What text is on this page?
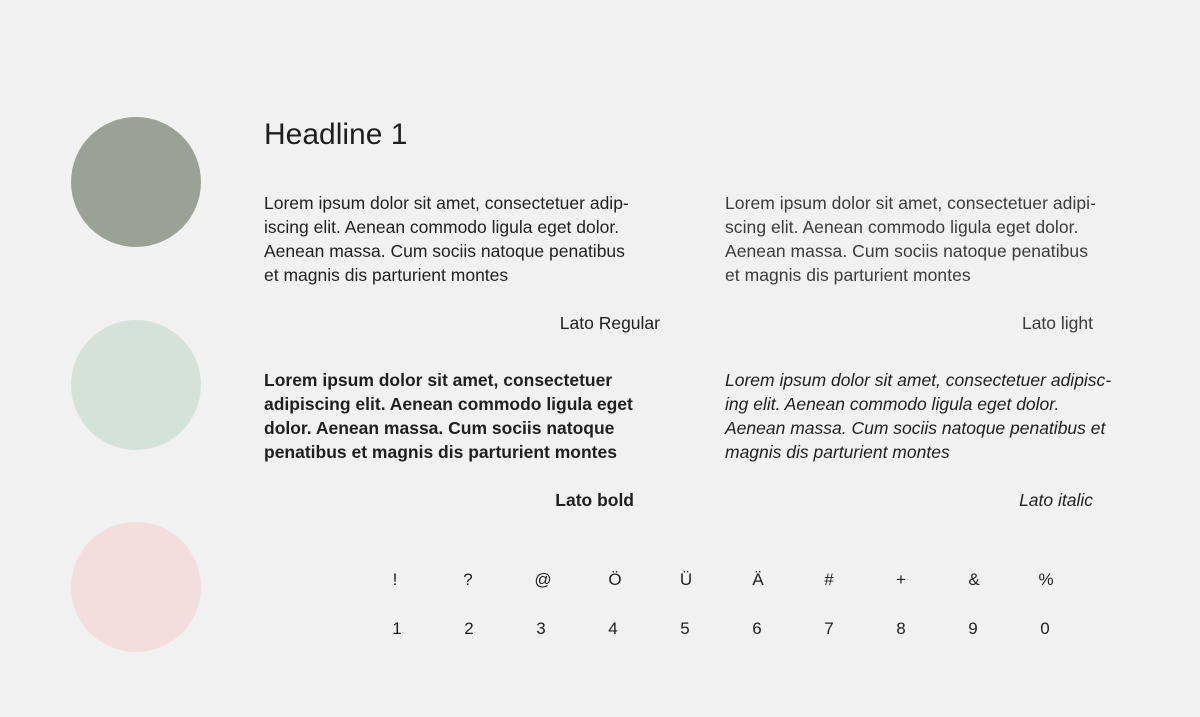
Headline 1

Lorem ipsum dolor sit amet, consectetuer adip-
iscing elit. Aenean commodo ligula eget dolor.
Aenean massa. Cum sociis natoque penatibus
et magnis dis parturient montes

Lorem ipsum dolor sit amet, consectetuer adipi-
scing elit. Aenean commodo ligula eget dolor.
Aenean massa. Cum sociis natoque penatibus
et magnis dis parturient montes

Lorem ipsum dolor sit amet, consectetuer
adipiscing elit. Aenean commodo ligula eget
dolor. Aenean massa. Cum sociis natoque
penatibus et magnis dis parturient montes

Lorem ipsum dolor sit amet, consectetuer adipisc-
ing elit. Aenean commodo ligula eget dolor.
Aenean massa. Cum sociis natoque penatibus et
magnis dis parturient montes

Lato Regular	Lato light
Lato bold	Lato italic
!	?	@	Ö	Ü	Ä	#	+	&	%
1	2	3	4	5	6	7	8	9	0
